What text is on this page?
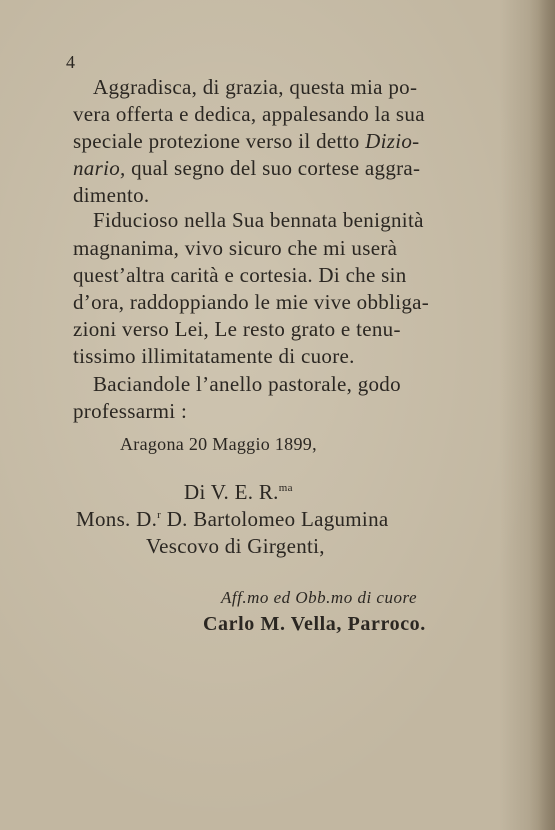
4
Aggradisca, di grazia, questa mia po-
vera offerta e dedica, appalesando la sua
speciale protezione verso il detto Dizio-
nario, qual segno del suo cortese aggra-
dimento.
Fiducioso nella Sua bennata benignità
magnanima, vivo sicuro che mi userà
quest’altra carità e cortesia. Di che sin
d’ora, raddoppiando le mie vive obbliga-
zioni verso Lei, Le resto grato e tenu-
tissimo illimitatamente di cuore.
Baciandole l’anello pastorale, godo
professarmi :
Aragona 20 Maggio 1899,
Di V. E. R.$^{ma}$
Mons. D.$^r$ D. Bartolomeo Lagumina
Vescovo di Girgenti,
Aff.mo ed Obb.mo di cuore
Carlo M. Vella, Parroco.
